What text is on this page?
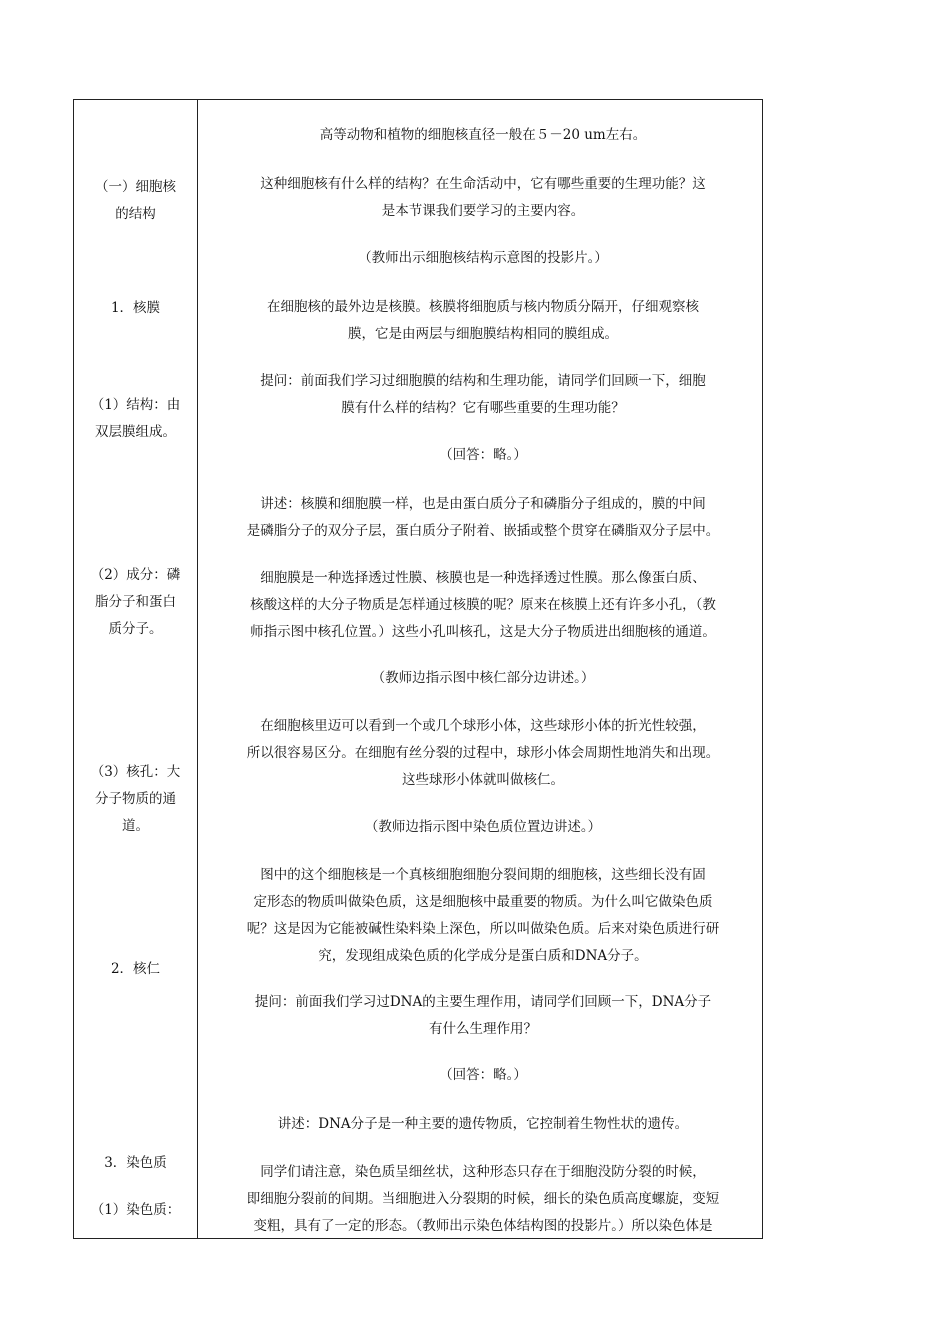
（一）细胞核
的结构
1．核膜
（1）结构：由
双层膜组成。
（2）成分：磷
脂分子和蛋白
质分子。
（3）核孔：大
分子物质的通
道。
2．核仁
3．染色质
（1）染色质：
高等动物和植物的细胞核直径一般在５－20 um左右。
这种细胞核有什么样的结构？在生命活动中，它有哪些重要的生理功能？这
是本节课我们要学习的主要内容。
（教师出示细胞核结构示意图的投影片。）
在细胞核的最外边是核膜。核膜将细胞质与核内物质分隔开，仔细观察核
膜，它是由两层与细胞膜结构相同的膜组成。
提问：前面我们学习过细胞膜的结构和生理功能，请同学们回顾一下，细胞
膜有什么样的结构？它有哪些重要的生理功能？
（回答：略。）
讲述：核膜和细胞膜一样，也是由蛋白质分子和磷脂分子组成的，膜的中间
是磷脂分子的双分子层，蛋白质分子附着、嵌插或整个贯穿在磷脂双分子层中。
细胞膜是一种选择透过性膜、核膜也是一种选择透过性膜。那么像蛋白质、
核酸这样的大分子物质是怎样通过核膜的呢？原来在核膜上还有许多小孔，（教
师指示图中核孔位置。）这些小孔叫核孔，这是大分子物质进出细胞核的通道。
（教师边指示图中核仁部分边讲述。）
在细胞核里迈可以看到一个或几个球形小体，这些球形小体的折光性较强，
所以很容易区分。在细胞有丝分裂的过程中，球形小体会周期性地消失和出现。
这些球形小体就叫做核仁。
（教师边指示图中染色质位置边讲述。）
图中的这个细胞核是一个真核细胞细胞分裂间期的细胞核，这些细长没有固
定形态的物质叫做染色质，这是细胞核中最重要的物质。为什么叫它做染色质
呢？这是因为它能被碱性染料染上深色，所以叫做染色质。后来对染色质进行研
究，发现组成染色质的化学成分是蛋白质和DNA分子。
提问：前面我们学习过DNA的主要生理作用，请同学们回顾一下，DNA分子
有什么生理作用？
（回答：略。）
讲述：DNA分子是一种主要的遗传物质，它控制着生物性状的遗传。
同学们请注意，染色质呈细丝状，这种形态只存在于细胞没防分裂的时候，
即细胞分裂前的间期。当细胞进入分裂期的时候，细长的染色质高度螺旋，变短
变粗，具有了一定的形态。（教师出示染色体结构图的投影片。）所以染色体是
